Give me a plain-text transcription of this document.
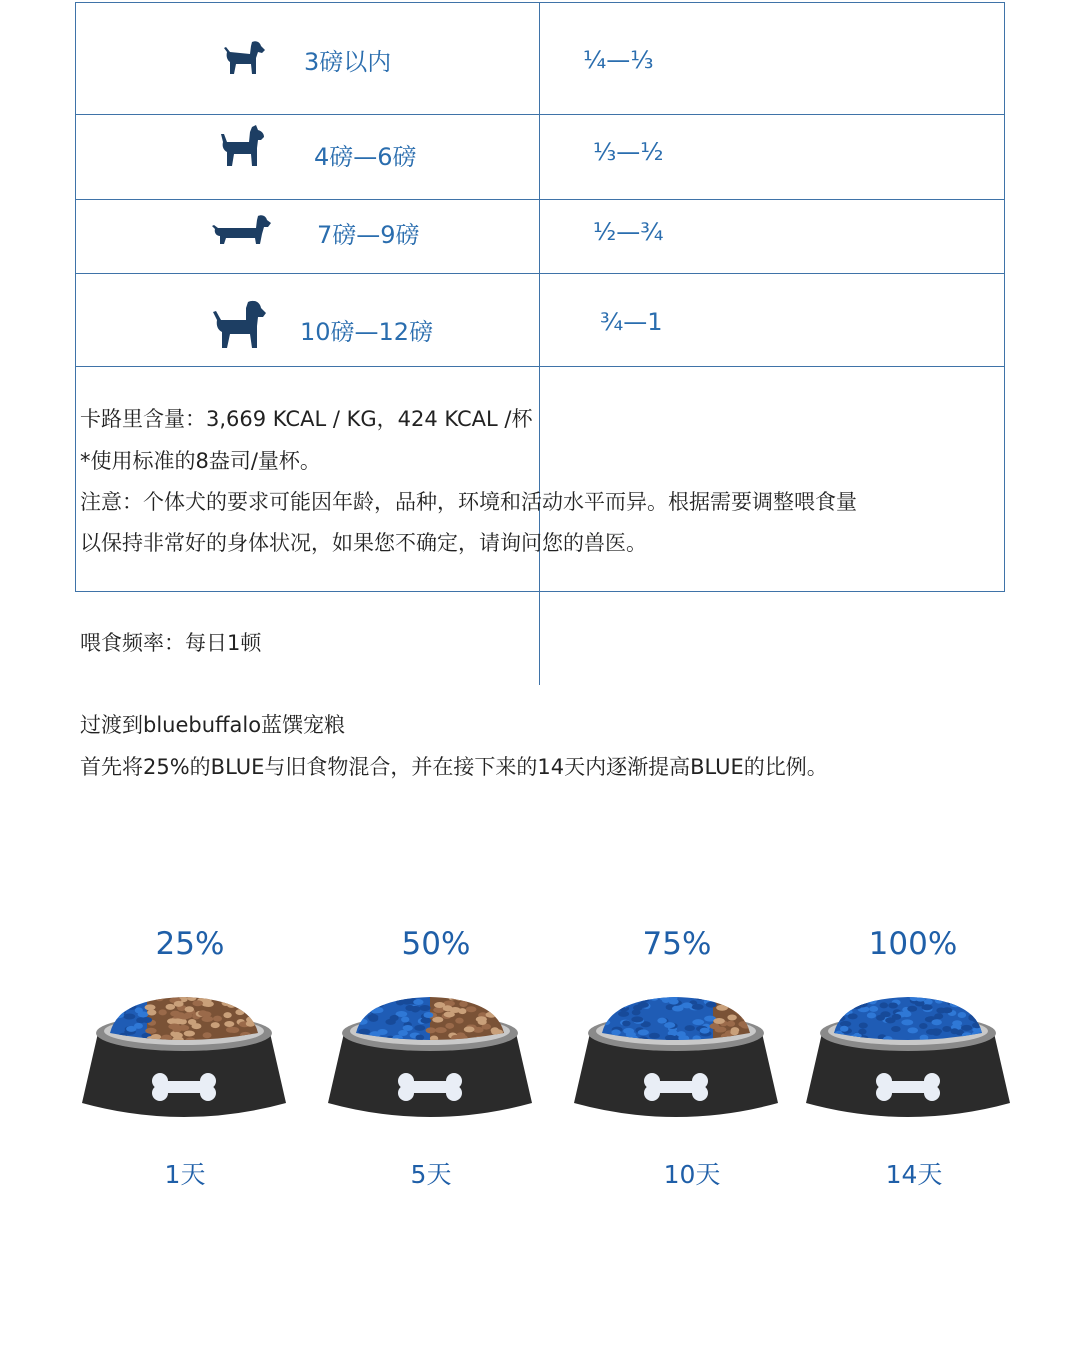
3磅以内	¼—⅓
4磅—6磅	⅓—½
7磅—9磅	½—¾
10磅—12磅	¾—1
卡路里含量：3,669 KCAL / KG，424 KCAL /杯
*使用标准的8盎司/量杯。
注意：个体犬的要求可能因年龄，品种，环境和活动水平而异。根据需要调整喂食量
以保持非常好的身体状况，如果您不确定，请询问您的兽医。
喂食频率：每日1顿
过渡到bluebuffalo蓝馔宠粮
首先将25%的BLUE与旧食物混合，并在接下来的14天内逐渐提高BLUE的比例。
25%	50%	75%	100%
1天	5天	10天	14天
